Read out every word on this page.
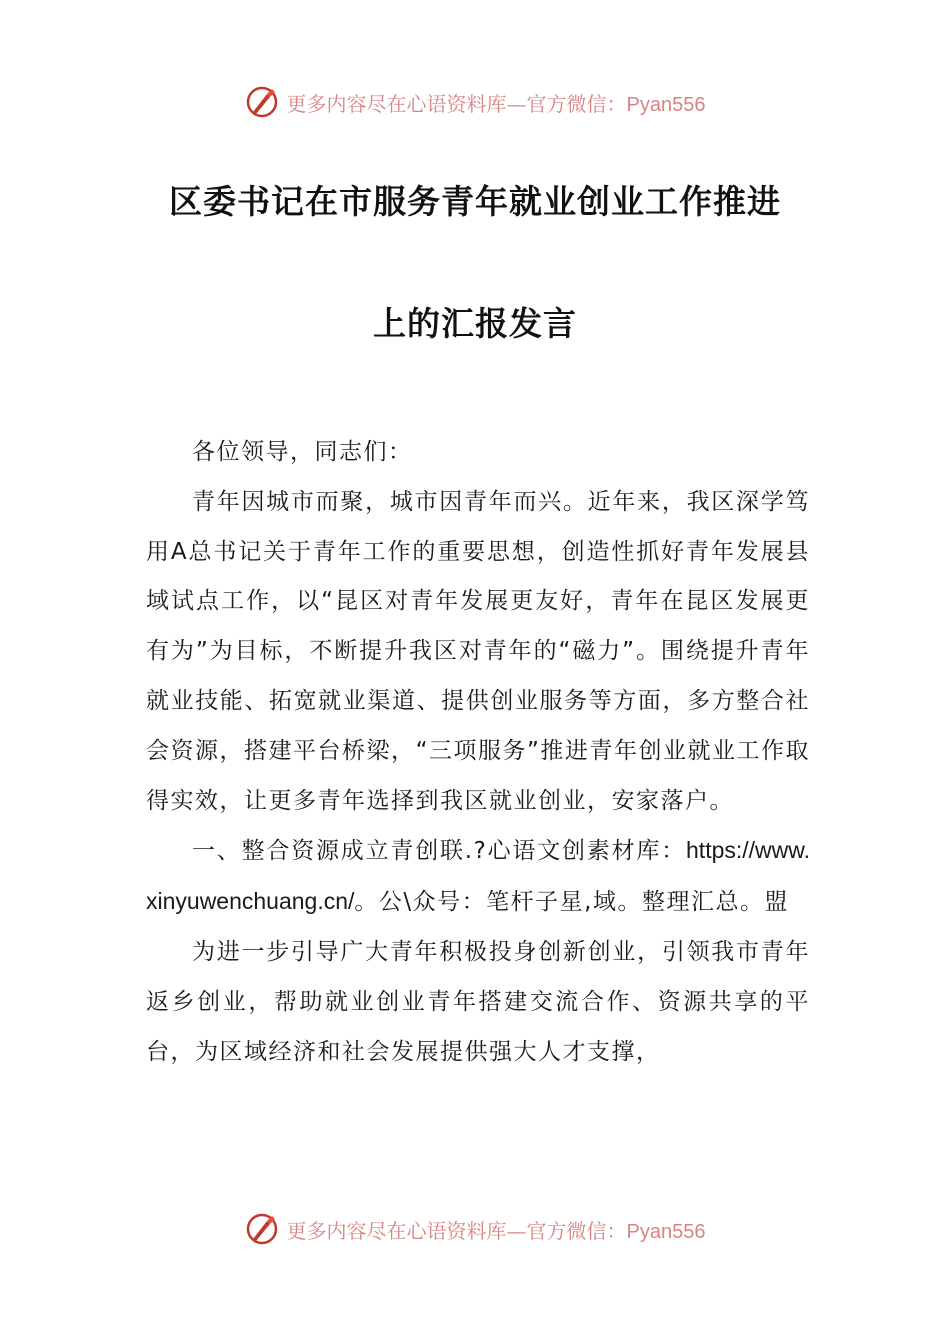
更多内容尽在心语资料库—官方微信：Pyan556
区委书记在市服务青年就业创业工作推进
上的汇报发言

各位领导，同志们：

青年因城市而聚，城市因青年而兴。近年来，我区深学笃用A总书记关于青年工作的重要思想，创造性抓好青年发展县域试点工作，以“昆区对青年发展更友好，青年在昆区发展更有为”为目标，不断提升我区对青年的“磁力”。围绕提升青年就业技能、拓宽就业渠道、提供创业服务等方面，多方整合社会资源，搭建平台桥梁，“三项服务”推进青年创业就业工作取得实效，让更多青年选择到我区就业创业，安家落户。

一、整合资源成立青创联.?心语文创素材库：https://www.xinyuwenchuang.cn/。公\众号：笔杆子星,域。整理汇总。盟

为进一步引导广大青年积极投身创新创业，引领我市青年返乡创业，帮助就业创业青年搭建交流合作、资源共享的平台，为区域经济和社会发展提供强大人才支撑，

更多内容尽在心语资料库—官方微信：Pyan556
